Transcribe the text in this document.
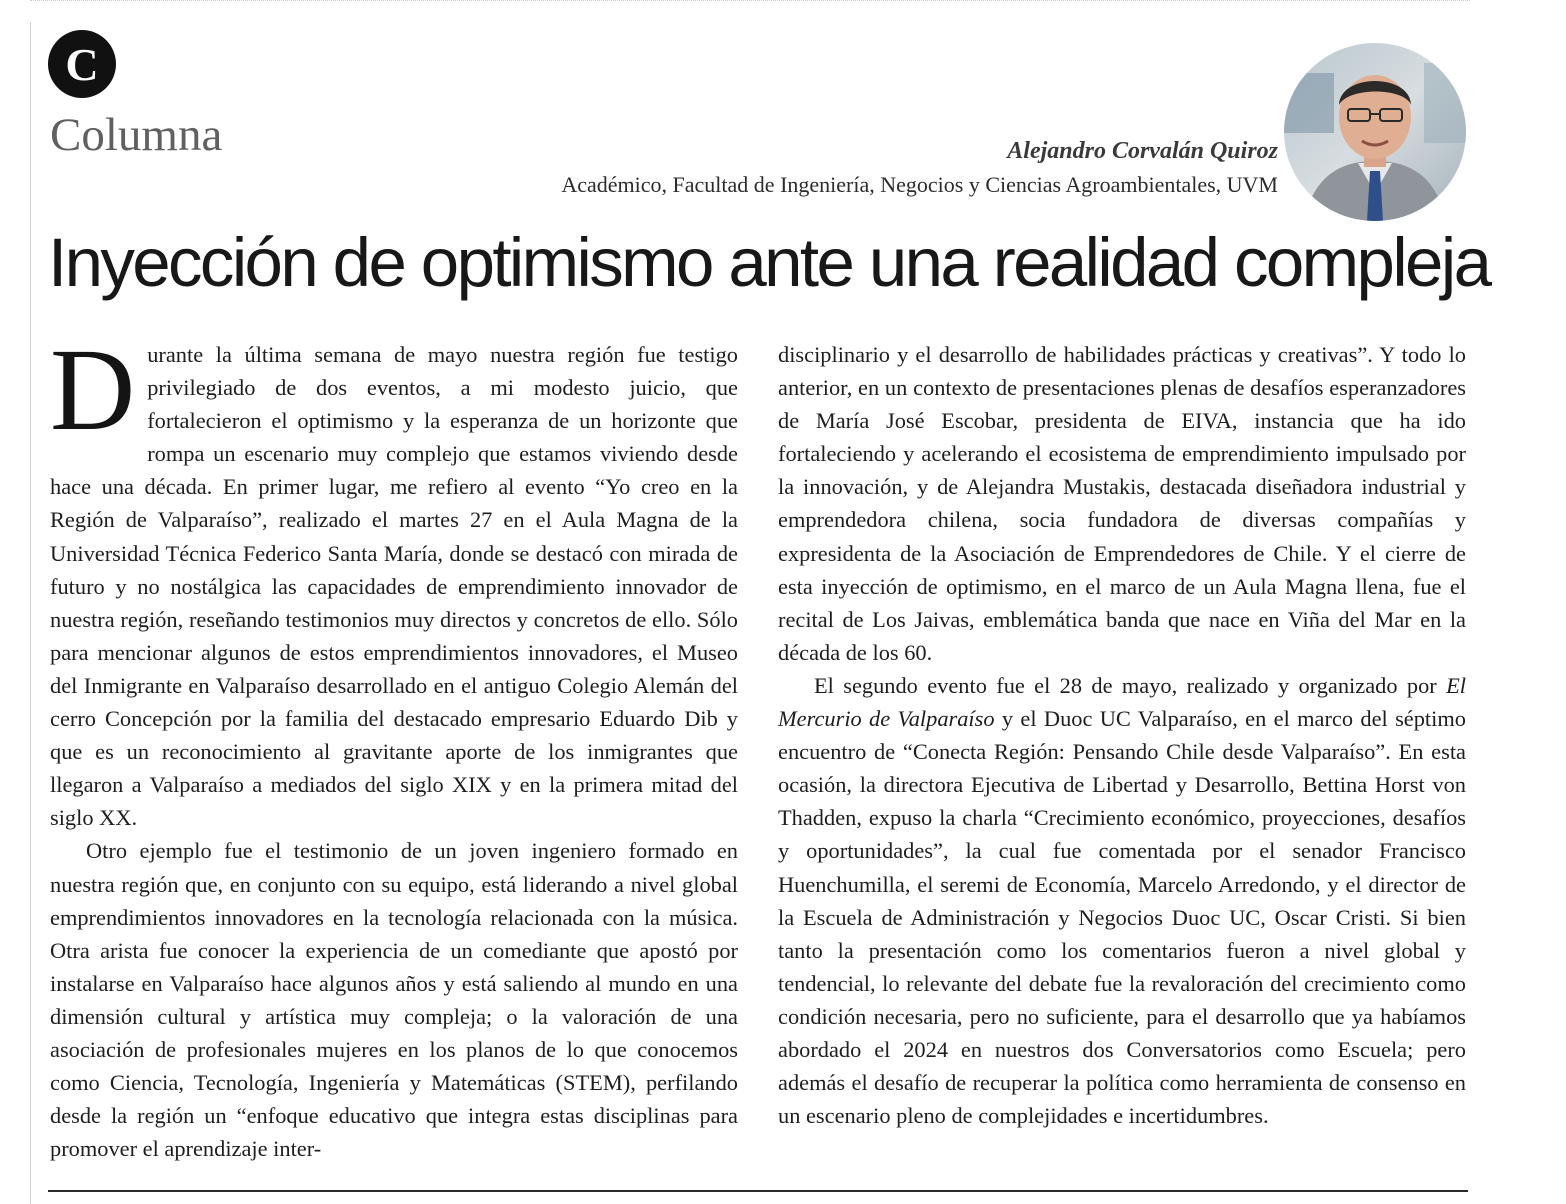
C
Columna	Alejandro Corvalán Quiroz
Académico, Facultad de Ingeniería, Negocios y Ciencias Agroambientales, UVM
Inyección de optimismo ante una realidad compleja

Durante la última semana de mayo nuestra región fue testigo privilegiado de dos eventos, a mi modesto juicio, que fortalecieron el optimismo y la esperanza de un horizonte que rompa un escenario muy complejo que estamos viviendo desde hace una década. En primer lugar, me refiero al evento “Yo creo en la Región de Valparaíso”, realizado el martes 27 en el Aula Magna de la Universidad Técnica Federico Santa María, donde se destacó con mirada de futuro y no nostálgica las capacidades de emprendimiento innovador de nuestra región, reseñando testimonios muy directos y concretos de ello. Sólo para mencionar algunos de estos emprendimientos innovadores, el Museo del Inmigrante en Valparaíso desarrollado en el antiguo Colegio Alemán del cerro Concepción por la familia del destacado empresario Eduardo Dib y que es un reconocimiento al gravitante aporte de los inmigrantes que llegaron a Valparaíso a mediados del siglo XIX y en la primera mitad del siglo XX.

Otro ejemplo fue el testimonio de un joven ingeniero formado en nuestra región que, en conjunto con su equipo, está liderando a nivel global emprendimientos innovadores en la tecnología relacionada con la música. Otra arista fue conocer la experiencia de un comediante que apostó por instalarse en Valparaíso hace algunos años y está saliendo al mundo en una dimensión cultural y artística muy compleja; o la valoración de una asociación de profesionales mujeres en los planos de lo que conocemos como Ciencia, Tecnología, Ingeniería y Matemáticas (STEM), perfilando desde la región un “enfoque educativo que integra estas disciplinas para promover el aprendizaje inter-

disciplinario y el desarrollo de habilidades prácticas y creativas”. Y todo lo anterior, en un contexto de presentaciones plenas de desafíos esperanzadores de María José Escobar, presidenta de EIVA, instancia que ha ido fortaleciendo y acelerando el ecosistema de emprendimiento impulsado por la innovación, y de Alejandra Mustakis, destacada diseñadora industrial y emprendedora chilena, socia fundadora de diversas compañías y expresidenta de la Asociación de Emprendedores de Chile. Y el cierre de esta inyección de optimismo, en el marco de un Aula Magna llena, fue el recital de Los Jaivas, emblemática banda que nace en Viña del Mar en la década de los 60.

El segundo evento fue el 28 de mayo, realizado y organizado por El Mercurio de Valparaíso y el Duoc UC Valparaíso, en el marco del séptimo encuentro de “Conecta Región: Pensando Chile desde Valparaíso”. En esta ocasión, la directora Ejecutiva de Libertad y Desarrollo, Bettina Horst von Thadden, expuso la charla “Crecimiento económico, proyecciones, desafíos y oportunidades”, la cual fue comentada por el senador Francisco Huenchumilla, el seremi de Economía, Marcelo Arredondo, y el director de la Escuela de Administración y Negocios Duoc UC, Oscar Cristi. Si bien tanto la presentación como los comentarios fueron a nivel global y tendencial, lo relevante del debate fue la revaloración del crecimiento como condición necesaria, pero no suficiente, para el desarrollo que ya habíamos abordado el 2024 en nuestros dos Conversatorios como Escuela; pero además el desafío de recuperar la política como herramienta de consenso en un escenario pleno de complejidades e incertidumbres.
